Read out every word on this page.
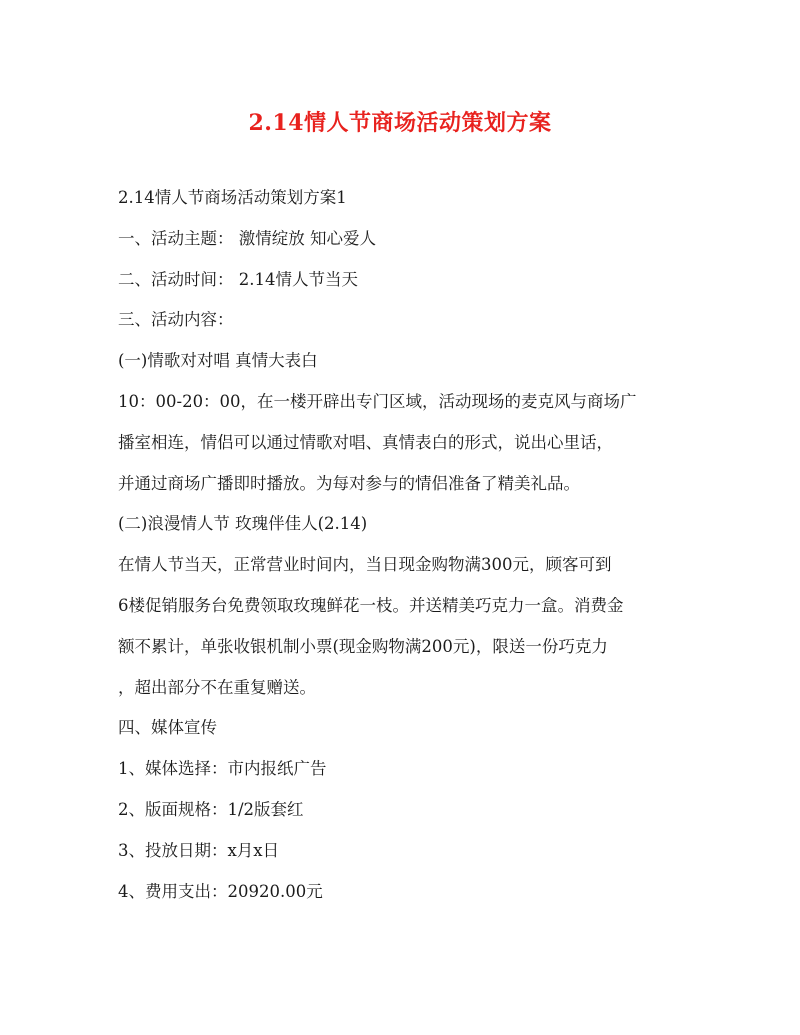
2.14情人节商场活动策划方案
2.14情人节商场活动策划方案1
一、活动主题： 激情绽放 知心爱人
二、活动时间： 2.14情人节当天
三、活动内容：
(一)情歌对对唱 真情大表白
10：00-20：00，在一楼开辟出专门区域，活动现场的麦克风与商场广
播室相连，情侣可以通过情歌对唱、真情表白的形式，说出心里话，
并通过商场广播即时播放。为每对参与的情侣准备了精美礼品。
(二)浪漫情人节 玫瑰伴佳人(2.14)
在情人节当天，正常营业时间内，当日现金购物满300元，顾客可到
6楼促销服务台免费领取玫瑰鲜花一枝。并送精美巧克力一盒。消费金
额不累计，单张收银机制小票(现金购物满200元)，限送一份巧克力
，超出部分不在重复赠送。
四、媒体宣传
1、媒体选择：市内报纸广告
2、版面规格：1/2版套红
3、投放日期：x月x日
4、费用支出：20920.00元
